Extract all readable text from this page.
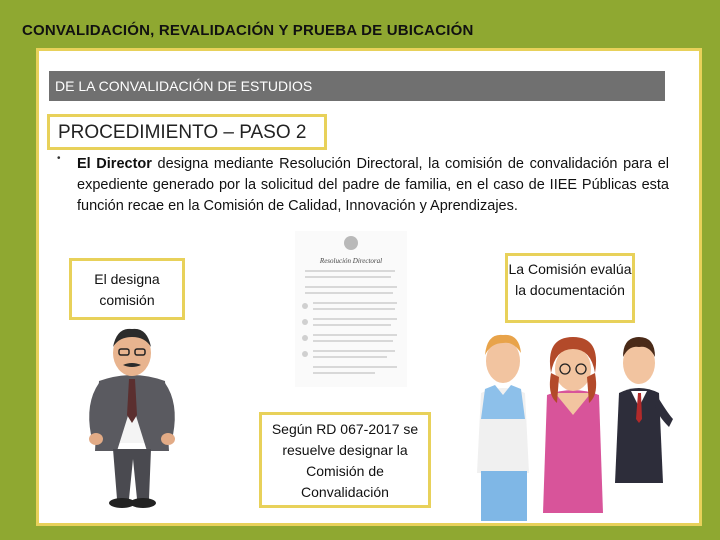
CONVALIDACIÓN, REVALIDACIÓN Y PRUEBA DE UBICACIÓN
DE LA CONVALIDACIÓN DE ESTUDIOS
PROCEDIMIENTO – PASO 2
• El Director designa mediante Resolución Directoral, la comisión de convalidación para el expediente generado por la solicitud del padre de familia, en el caso de IIEE Públicas esta función recae en la Comisión de Calidad, Innovación y Aprendizajes.
Resolución Directoral
El designa comisión
La Comisión evalúa la documentación
Según RD 067-2017 se resuelve designar la Comisión de Convalidación
